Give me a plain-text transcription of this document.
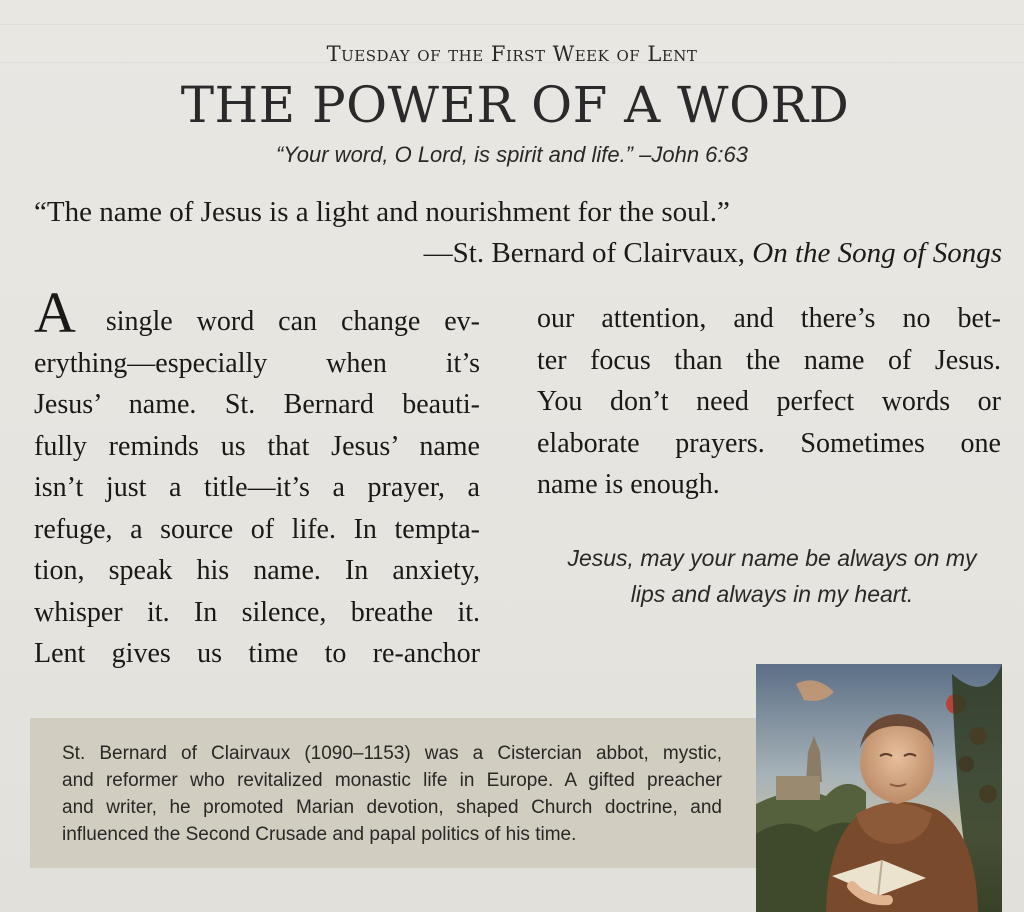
Tuesday of the First Week of Lent
THE POWER OF A WORD
“Your word, O Lord, is spirit and life.” –John 6:63
“The name of Jesus is a light and nourishment for the soul.”
—St. Bernard of Clairvaux, On the Song of Songs
A single word can change ev-
erything—especially when it’s
Jesus’ name. St. Bernard beauti-
fully reminds us that Jesus’ name
isn’t just a title—it’s a prayer, a
refuge, a source of life. In tempta-
tion, speak his name. In anxiety,
whisper it. In silence, breathe it.
Lent gives us time to re-anchor
our attention, and there’s no bet-
ter focus than the name of Jesus.
You don’t need perfect words or
elaborate prayers. Sometimes one
name is enough.
Jesus, may your name be always on my
lips and always in my heart.
St. Bernard of Clairvaux (1090–1153) was a Cistercian abbot, mystic,
and reformer who revitalized monastic life in Europe. A gifted preacher
and writer, he promoted Marian devotion, shaped Church doctrine, and
influenced the Second Crusade and papal politics of his time.
